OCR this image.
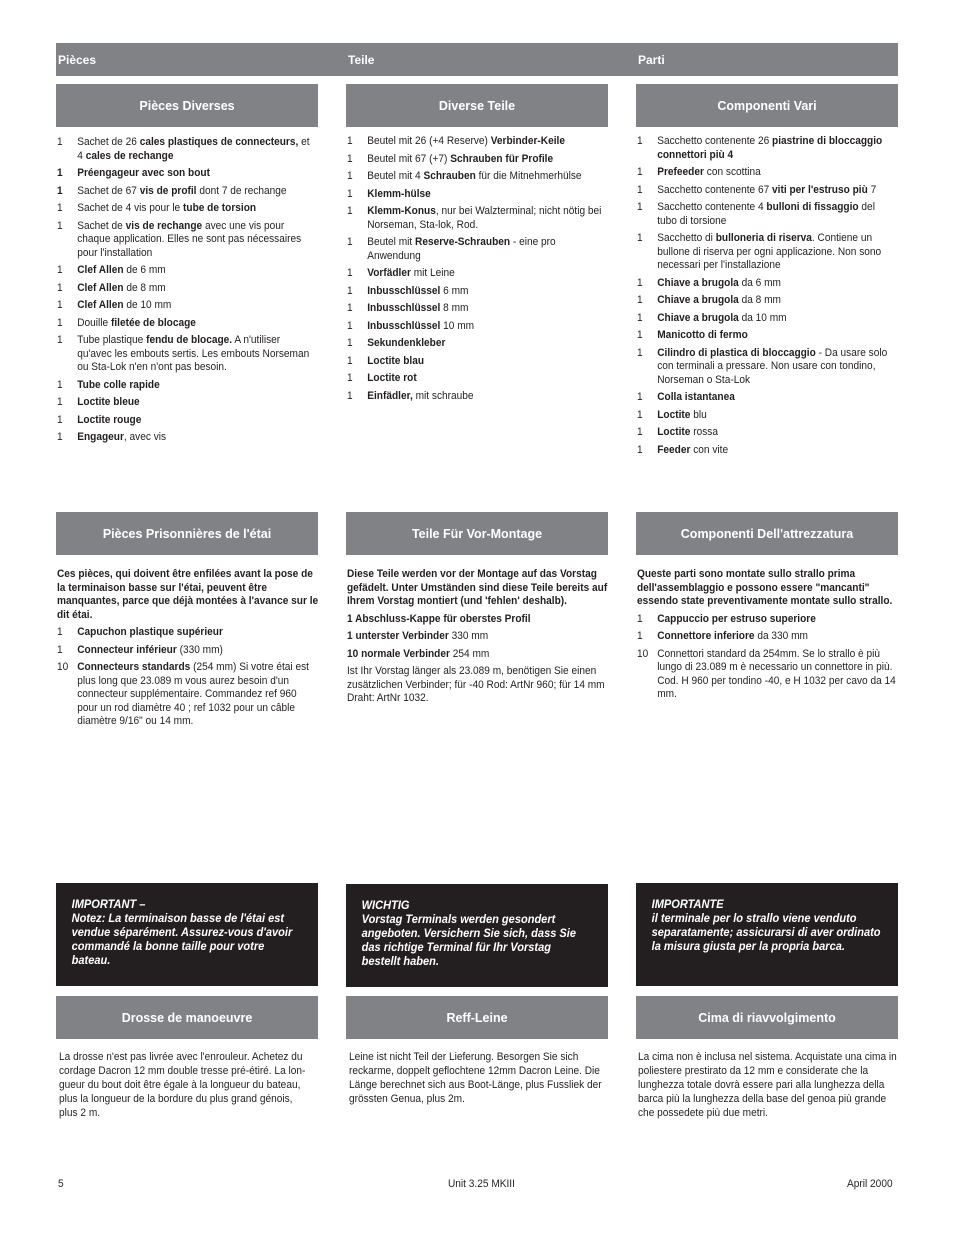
Pièces	Teile	Parti
Pièces Diverses	Diverse Teile	Componenti Vari
1	Sachet de 26 cales plastiques de connecteurs, et 4 cales de rechange
1	Préengageur avec son bout
1	Sachet de 67 vis de profil dont 7 de rechange
1	Sachet de 4 vis pour le tube de torsion
1	Sachet de vis de rechange avec une vis pour chaque application. Elles ne sont pas nécessaires pour l'installation
1	Clef Allen de 6 mm
1	Clef Allen de 8 mm
1	Clef Allen de 10 mm
1	Douille filetée de blocage
1	Tube plastique fendu de blocage. A n'utiliser qu'avec les embouts sertis. Les embouts Norseman ou Sta-Lok n'en n'ont pas besoin.
1	Tube colle rapide
1	Loctite bleue
1	Loctite rouge
1	Engageur, avec vis
1	Beutel mit 26 (+4 Reserve) Verbinder-Keile
1	Beutel mit 67 (+7) Schrauben für Profile
1	Beutel mit 4 Schrauben für die Mitnehmerhülse
1	Klemm-hülse
1	Klemm-Konus, nur bei Walzterminal; nicht nötig bei Norseman, Sta-lok, Rod.
1	Beutel mit Reserve-Schrauben - eine pro Anwendung
1	Vorfädler mit Leine
1	Inbusschlüssel 6 mm
1	Inbusschlüssel 8 mm
1	Inbusschlüssel 10 mm
1	Sekundenkleber
1	Loctite blau
1	Loctite rot
1	Einfädler, mit schraube
1	Sacchetto contenente 26 piastrine di bloccaggio connettori più 4
1	Prefeeder con scottina
1	Sacchetto contenente 67 viti per l'estruso più 7
1	Sacchetto contenente 4 bulloni di fissaggio del tubo di torsione
1	Sacchetto di bulloneria di riserva. Contiene un bullone di riserva per ogni applicazione. Non sono necessari per l'installazione
1	Chiave a brugola da 6 mm
1	Chiave a brugola da 8 mm
1	Chiave a brugola da 10 mm
1	Manicotto di fermo
1	Cilindro di plastica di bloccaggio - Da usare solo con terminali a pressare. Non usare con tondino, Norseman o Sta-Lok
1	Colla istantanea
1	Loctite blu
1	Loctite rossa
1	Feeder con vite
Pièces Prisonnières de l'étai	Teile Für Vor-Montage	Componenti Dell'attrezzatura

Ces pièces, qui doivent être enfilées avant la pose de la terminaison basse sur l'étai, peuvent être manquantes, parce que déjà montées à l'avance sur le dit étai.

1	Capuchon plastique supérieur
1	Connecteur inférieur (330 mm)
10 Connecteurs standards (254 mm) Si votre étai est plus long que 23.089 m vous aurez besoin d'un connecteur supplémentaire. Commandez ref 960 pour un rod diamètre 40 ; ref 1032 pour un câble diamètre 9/16" ou 14 mm.

Diese Teile werden vor der Montage auf das Vorstag gefädelt. Unter Umständen sind diese Teile bereits auf Ihrem Vorstag montiert (und 'fehlen' deshalb).

1 Abschluss-Kappe für oberstes Profil
1 unterster Verbinder 330 mm
10 normale Verbinder 254 mm

Ist Ihr Vorstag länger als 23.089 m, benötigen Sie einen zusätzlichen Verbinder; für -40 Rod: ArtNr 960; für 14 mm Draht: ArtNr 1032.

Queste parti sono montate sullo strallo prima dell'assemblaggio e possono essere "mancanti" essendo state preventivamente montate sullo strallo.

1	Cappuccio per estruso superiore
1	Connettore inferiore da 330 mm
10 Connettori standard da 254mm. Se lo strallo è più lungo di 23.089 m è necessario un connettore in più. Cod. H 960 per tondino -40, e H 1032 per cavo da 14 mm.
IMPORTANT –
Notez: La terminaison basse de l'étai est vendue séparément. Assurez-vous d'avoir commandé la bonne taille pour votre bateau.
WICHTIG
Vorstag Terminals werden gesondert angeboten. Versichern Sie sich, dass Sie das richtige Terminal für Ihr Vorstag bestellt haben.
IMPORTANTE
il terminale per lo strallo viene venduto separatamente; assicurarsi di aver ordinato la misura giusta per la propria barca.
Drosse de manoeuvre	Reff-Leine	Cima di riavvolgimento
La drosse n'est pas livrée avec l'enrouleur. Achetez du cordage Dacron 12 mm double tresse pré-étiré. La lon-gueur du bout doit être égale à la longueur du bateau, plus la longueur de la bordure du plus grand génois, plus 2 m.
Leine ist nicht Teil der Lieferung. Besorgen Sie sich reckarme, doppelt geflochtene 12mm Dacron Leine. Die Länge berechnet sich aus Boot-Länge, plus Fussliek der grössten Genua, plus 2m.
La cima non è inclusa nel sistema. Acquistate una cima in poliestere prestirato da 12 mm e considerate che la lunghezza totale dovrà essere pari alla lunghezza della barca più la lunghezza della base del genoa più grande che possedete più due metri.
5	Unit 3.25 MKIII	April 2000
